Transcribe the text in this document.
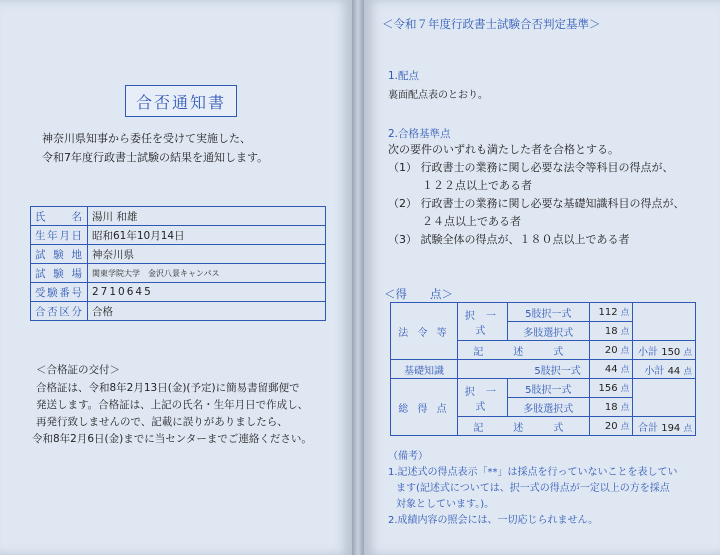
合否通知書
神奈川県知事から委任を受けて実施した、
令和7年度行政書士試験の結果を通知します。
氏　　名	湯川 和雄
生年月日	昭和61年10月14日
試 験 地	神奈川県
試 験 場	関東学院大学　金沢八景キャンパス
受験番号	2710645
合否区分	合格
＜合格証の交付＞
合格証は、令和8年2月13日(金)(予定)に簡易書留郵便で
発送します。合格証は、上記の氏名・生年月日で作成し、
再発行致しませんので、記載に誤りがありましたら、
令和8年2月6日(金)までに当センターまでご連絡ください。
＜令和７年度行政書士試験合否判定基準＞
1.配点
裏面配点表のとおり。
2.合格基準点
次の要件のいずれも満たした者を合格とする。
（1） 行政書士の業務に関し必要な法令等科目の得点が、
１２２点以上である者
（2） 行政書士の業務に関し必要な基礎知識科目の得点が、
２４点以上である者
（3） 試験全体の得点が、１８０点以上である者
＜得　　点＞
法 令 等	択 一 式	5肢択一式	112 点	
		多肢選択式	18 点	
	記　述　式		20 点	小計 150 点
基礎知識	5肢択一式		44 点	小計 44 点
総 得 点	択 一 式	5肢択一式	156 点	
		多肢選択式	18 点	
	記　述　式		20 点	合計 194 点
（備考）
1.記述式の得点表示「**」は採点を行っていないことを表してい
ます(記述式については、択一式の得点が一定以上の方を採点
対象としています。)。
2.成績内容の照会には、一切応じられません。
